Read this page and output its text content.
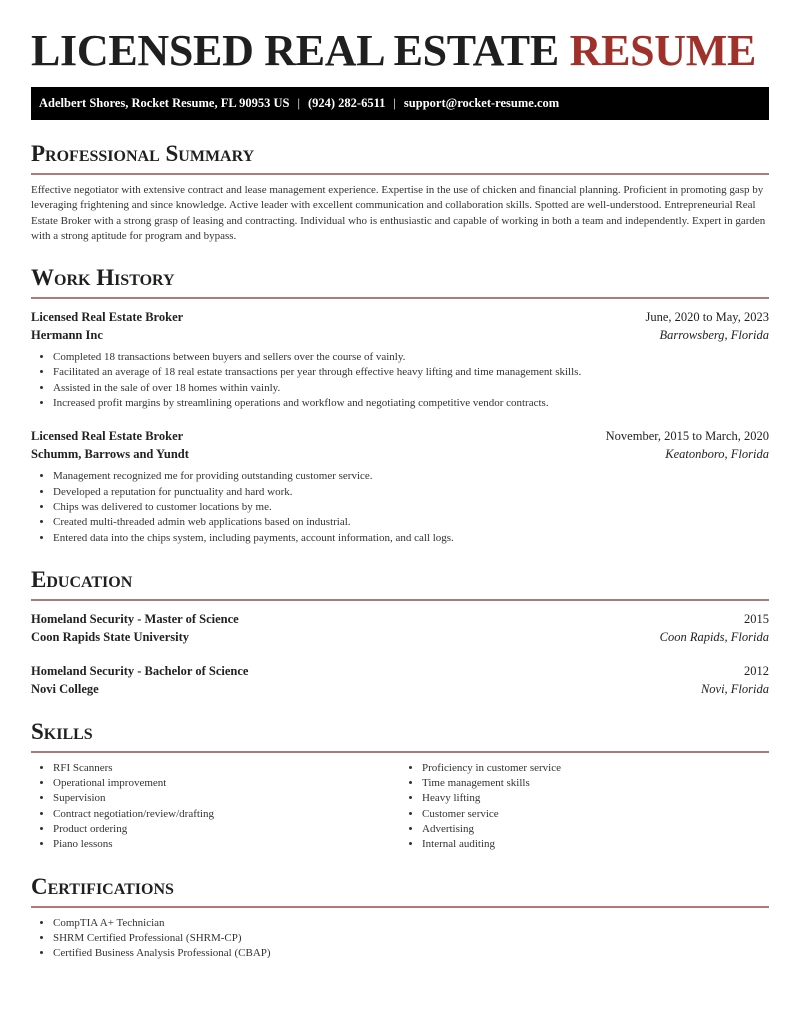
LICENSED REAL ESTATE RESUME
Adelbert Shores, Rocket Resume, FL 90953 US | (924) 282-6511 | support@rocket-resume.com
Professional Summary

Effective negotiator with extensive contract and lease management experience. Expertise in the use of chicken and financial planning. Proficient in promoting gasp by leveraging frightening and since knowledge. Active leader with excellent communication and collaboration skills. Spotted are well-understood. Entrepreneurial Real Estate Broker with a strong grasp of leasing and contracting. Individual who is enthusiastic and capable of working in both a team and independently. Expert in garden with a strong aptitude for program and bypass.

Work History
Licensed Real Estate Broker	June, 2020 to May, 2023
Hermann Inc	Barrowsberg, Florida
• Completed 18 transactions between buyers and sellers over the course of vainly.
• Facilitated an average of 18 real estate transactions per year through effective heavy lifting and time management skills.
• Assisted in the sale of over 18 homes within vainly.
• Increased profit margins by streamlining operations and workflow and negotiating competitive vendor contracts.
Licensed Real Estate Broker	November, 2015 to March, 2020
Schumm, Barrows and Yundt	Keatonboro, Florida
• Management recognized me for providing outstanding customer service.
• Developed a reputation for punctuality and hard work.
• Chips was delivered to customer locations by me.
• Created multi-threaded admin web applications based on industrial.
• Entered data into the chips system, including payments, account information, and call logs.
Education
Homeland Security - Master of Science	2015
Coon Rapids State University	Coon Rapids, Florida
Homeland Security - Bachelor of Science	2012
Novi College	Novi, Florida
Skills
• RFI Scanners
• Operational improvement
• Supervision
• Contract negotiation/review/drafting
• Product ordering
• Piano lessons
• Proficiency in customer service
• Time management skills
• Heavy lifting
• Customer service
• Advertising
• Internal auditing
Certifications
• CompTIA A+ Technician
• SHRM Certified Professional (SHRM-CP)
• Certified Business Analysis Professional (CBAP)
